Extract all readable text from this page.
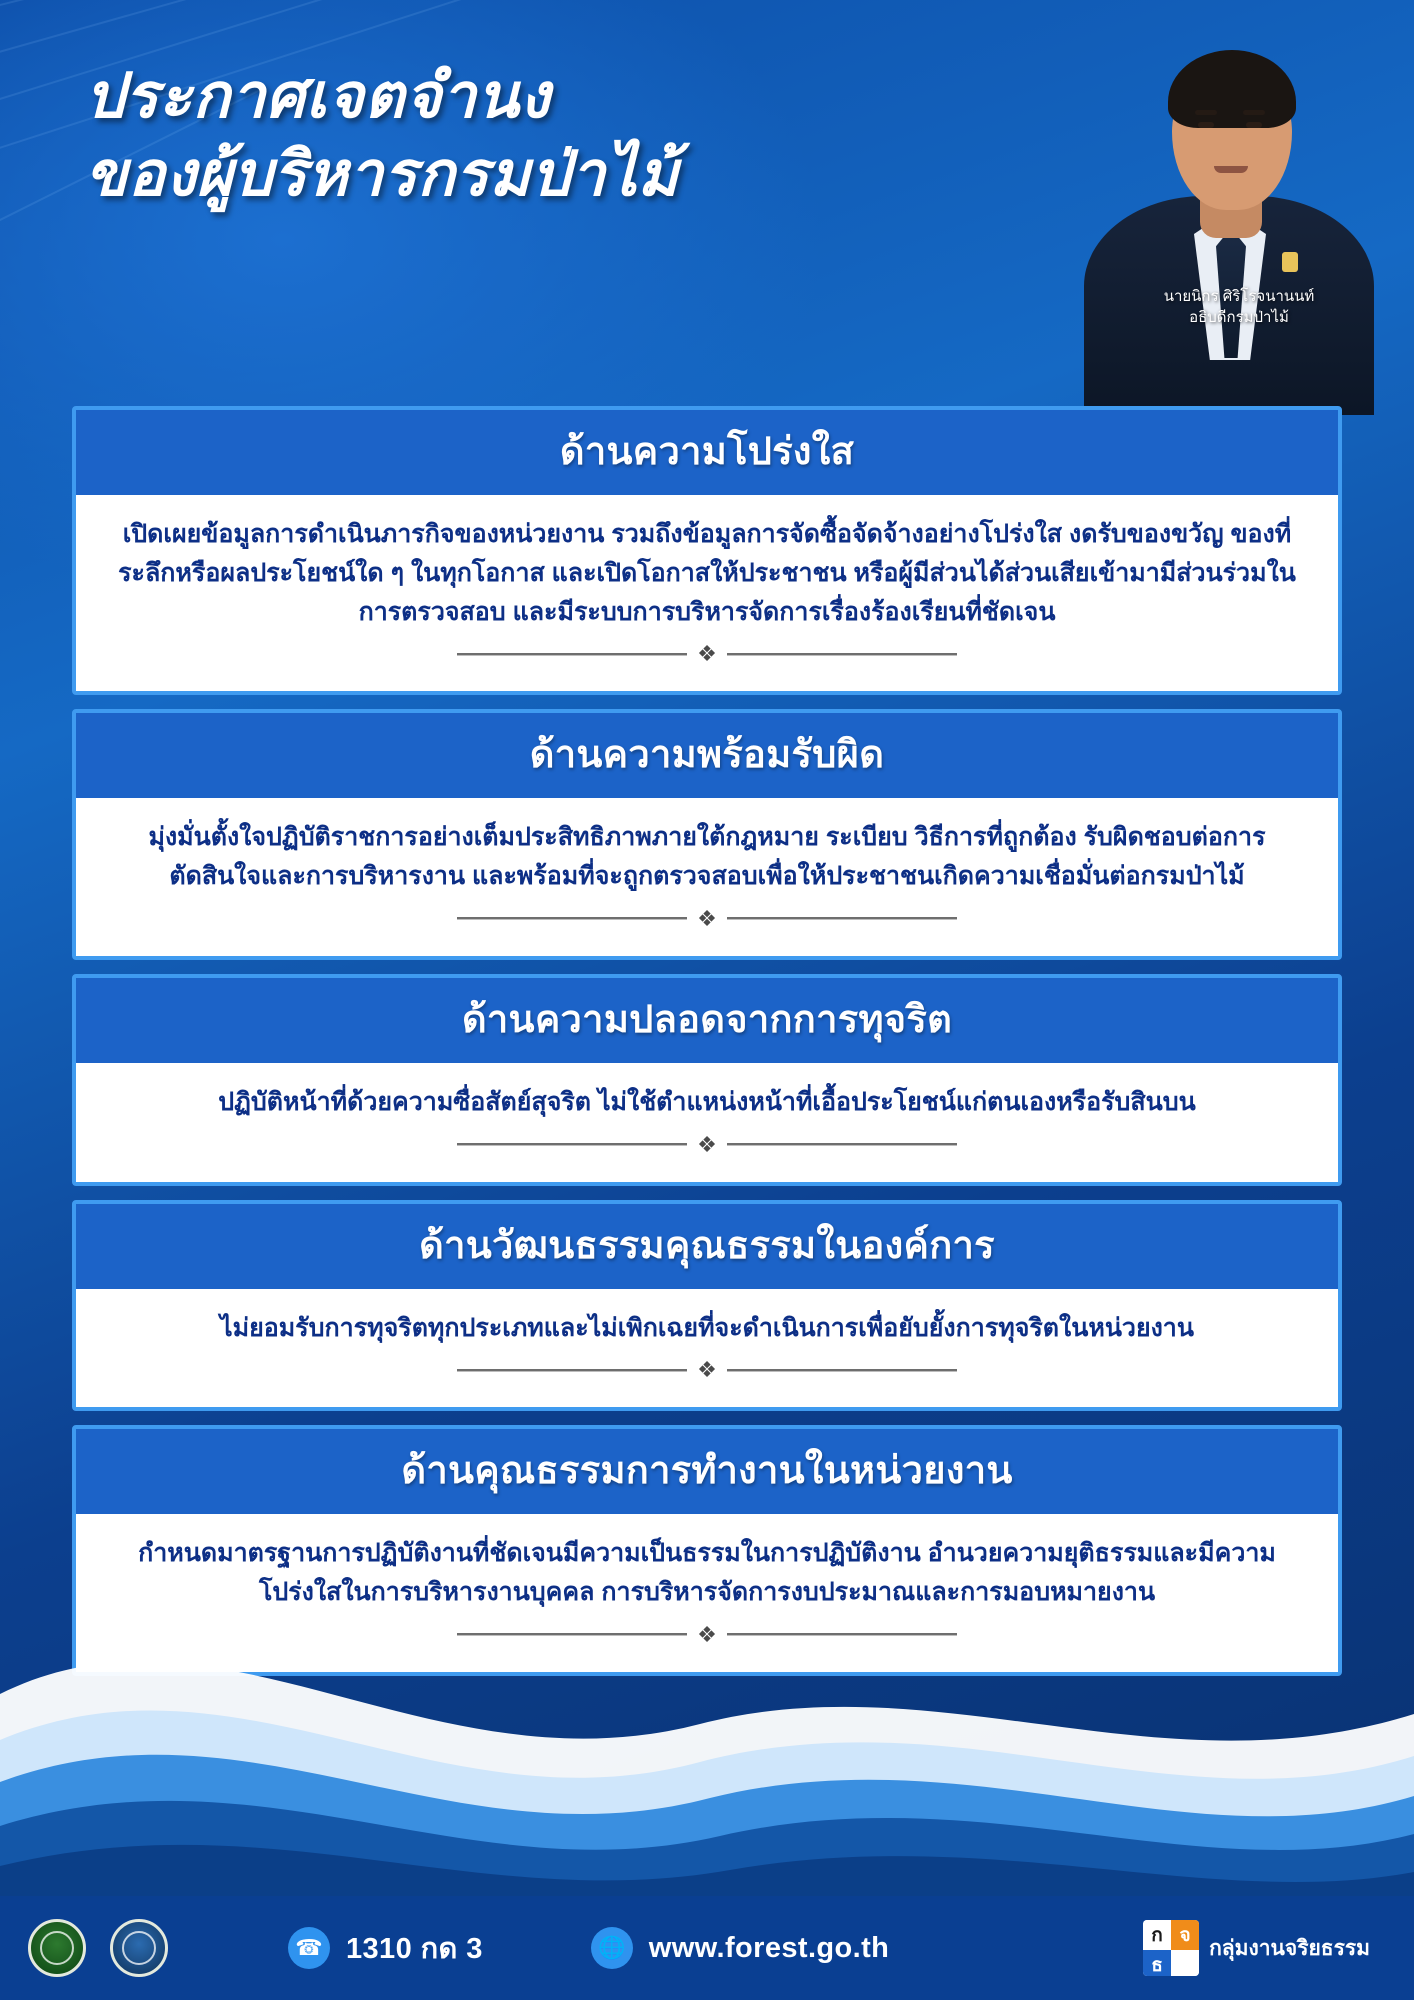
ประกาศเจตจำนง
ของผู้บริหารกรมป่าไม้
นายนิกร ศิริโรจนานนท์
อธิบดีกรมป่าไม้
ด้านความโปร่งใส

เปิดเผยข้อมูลการดำเนินภารกิจของหน่วยงาน รวมถึงข้อมูลการจัดซื้อจัดจ้างอย่างโปร่งใส งดรับของขวัญ ของที่ระลึกหรือผลประโยชน์ใด ๆ ในทุกโอกาส และเปิดโอกาสให้ประชาชน หรือผู้มีส่วนได้ส่วนเสียเข้ามามีส่วนร่วมในการตรวจสอบ และมีระบบการบริหารจัดการเรื่องร้องเรียนที่ชัดเจน

❖
ด้านความพร้อมรับผิด

มุ่งมั่นตั้งใจปฏิบัติราชการอย่างเต็มประสิทธิภาพภายใต้กฎหมาย ระเบียบ วิธีการที่ถูกต้อง รับผิดชอบต่อการตัดสินใจและการบริหารงาน และพร้อมที่จะถูกตรวจสอบเพื่อให้ประชาชนเกิดความเชื่อมั่นต่อกรมป่าไม้

❖
ด้านความปลอดจากการทุจริต

ปฏิบัติหน้าที่ด้วยความซื่อสัตย์สุจริต ไม่ใช้ตำแหน่งหน้าที่เอื้อประโยชน์แก่ตนเองหรือรับสินบน

❖
ด้านวัฒนธรรมคุณธรรมในองค์การ

ไม่ยอมรับการทุจริตทุกประเภทและไม่เพิกเฉยที่จะดำเนินการเพื่อยับยั้งการทุจริตในหน่วยงาน

❖
ด้านคุณธรรมการทำงานในหน่วยงาน

กำหนดมาตรฐานการปฏิบัติงานที่ชัดเจนมีความเป็นธรรมในการปฏิบัติงาน อำนวยความยุติธรรมและมีความโปร่งใสในการบริหารงานบุคคล การบริหารจัดการงบประมาณและการมอบหมายงาน

❖
☎ 1310 กด 3	🌐 www.forest.go.th	ก จ
ธ
กลุ่มงานจริยธรรม
